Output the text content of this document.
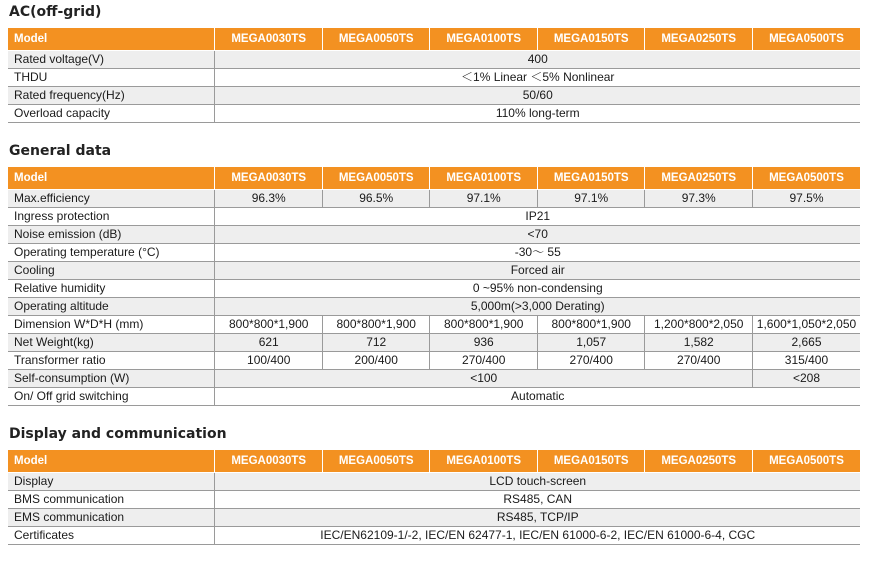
AC(off-grid)
Model	MEGA0030TS	MEGA0050TS	MEGA0100TS	MEGA0150TS	MEGA0250TS	MEGA0500TS
Rated voltage(V)	400					
THDU	＜1% Linear ＜5% Nonlinear					
Rated frequency(Hz)	50/60					
Overload capacity	110% long-term					
General data
Model	MEGA0030TS	MEGA0050TS	MEGA0100TS	MEGA0150TS	MEGA0250TS	MEGA0500TS
Max.efficiency	96.3%	96.5%	97.1%	97.1%	97.3%	97.5%
Ingress protection	IP21					
Noise emission (dB)	<70					
Operating temperature (°C)	-30～ 55					
Cooling	Forced air					
Relative humidity	0 ~95% non-condensing					
Operating altitude	5,000m(>3,000 Derating)					
Dimension W*D*H (mm)	800*800*1,900	800*800*1,900	800*800*1,900	800*800*1,900	1,200*800*2,050	1,600*1,050*2,050
Net Weight(kg)	621	712	936	1,057	1,582	2,665
Transformer ratio	100/400	200/400	270/400	270/400	270/400	315/400
Self-consumption (W)	<100					<208
On/ Off grid switching	Automatic					
Display and communication
Model	MEGA0030TS	MEGA0050TS	MEGA0100TS	MEGA0150TS	MEGA0250TS	MEGA0500TS
Display	LCD touch-screen					
BMS communication	RS485, CAN					
EMS communication	RS485, TCP/IP					
Certificates	IEC/EN62109-1/-2, IEC/EN 62477-1, IEC/EN 61000-6-2, IEC/EN 61000-6-4, CGC					
